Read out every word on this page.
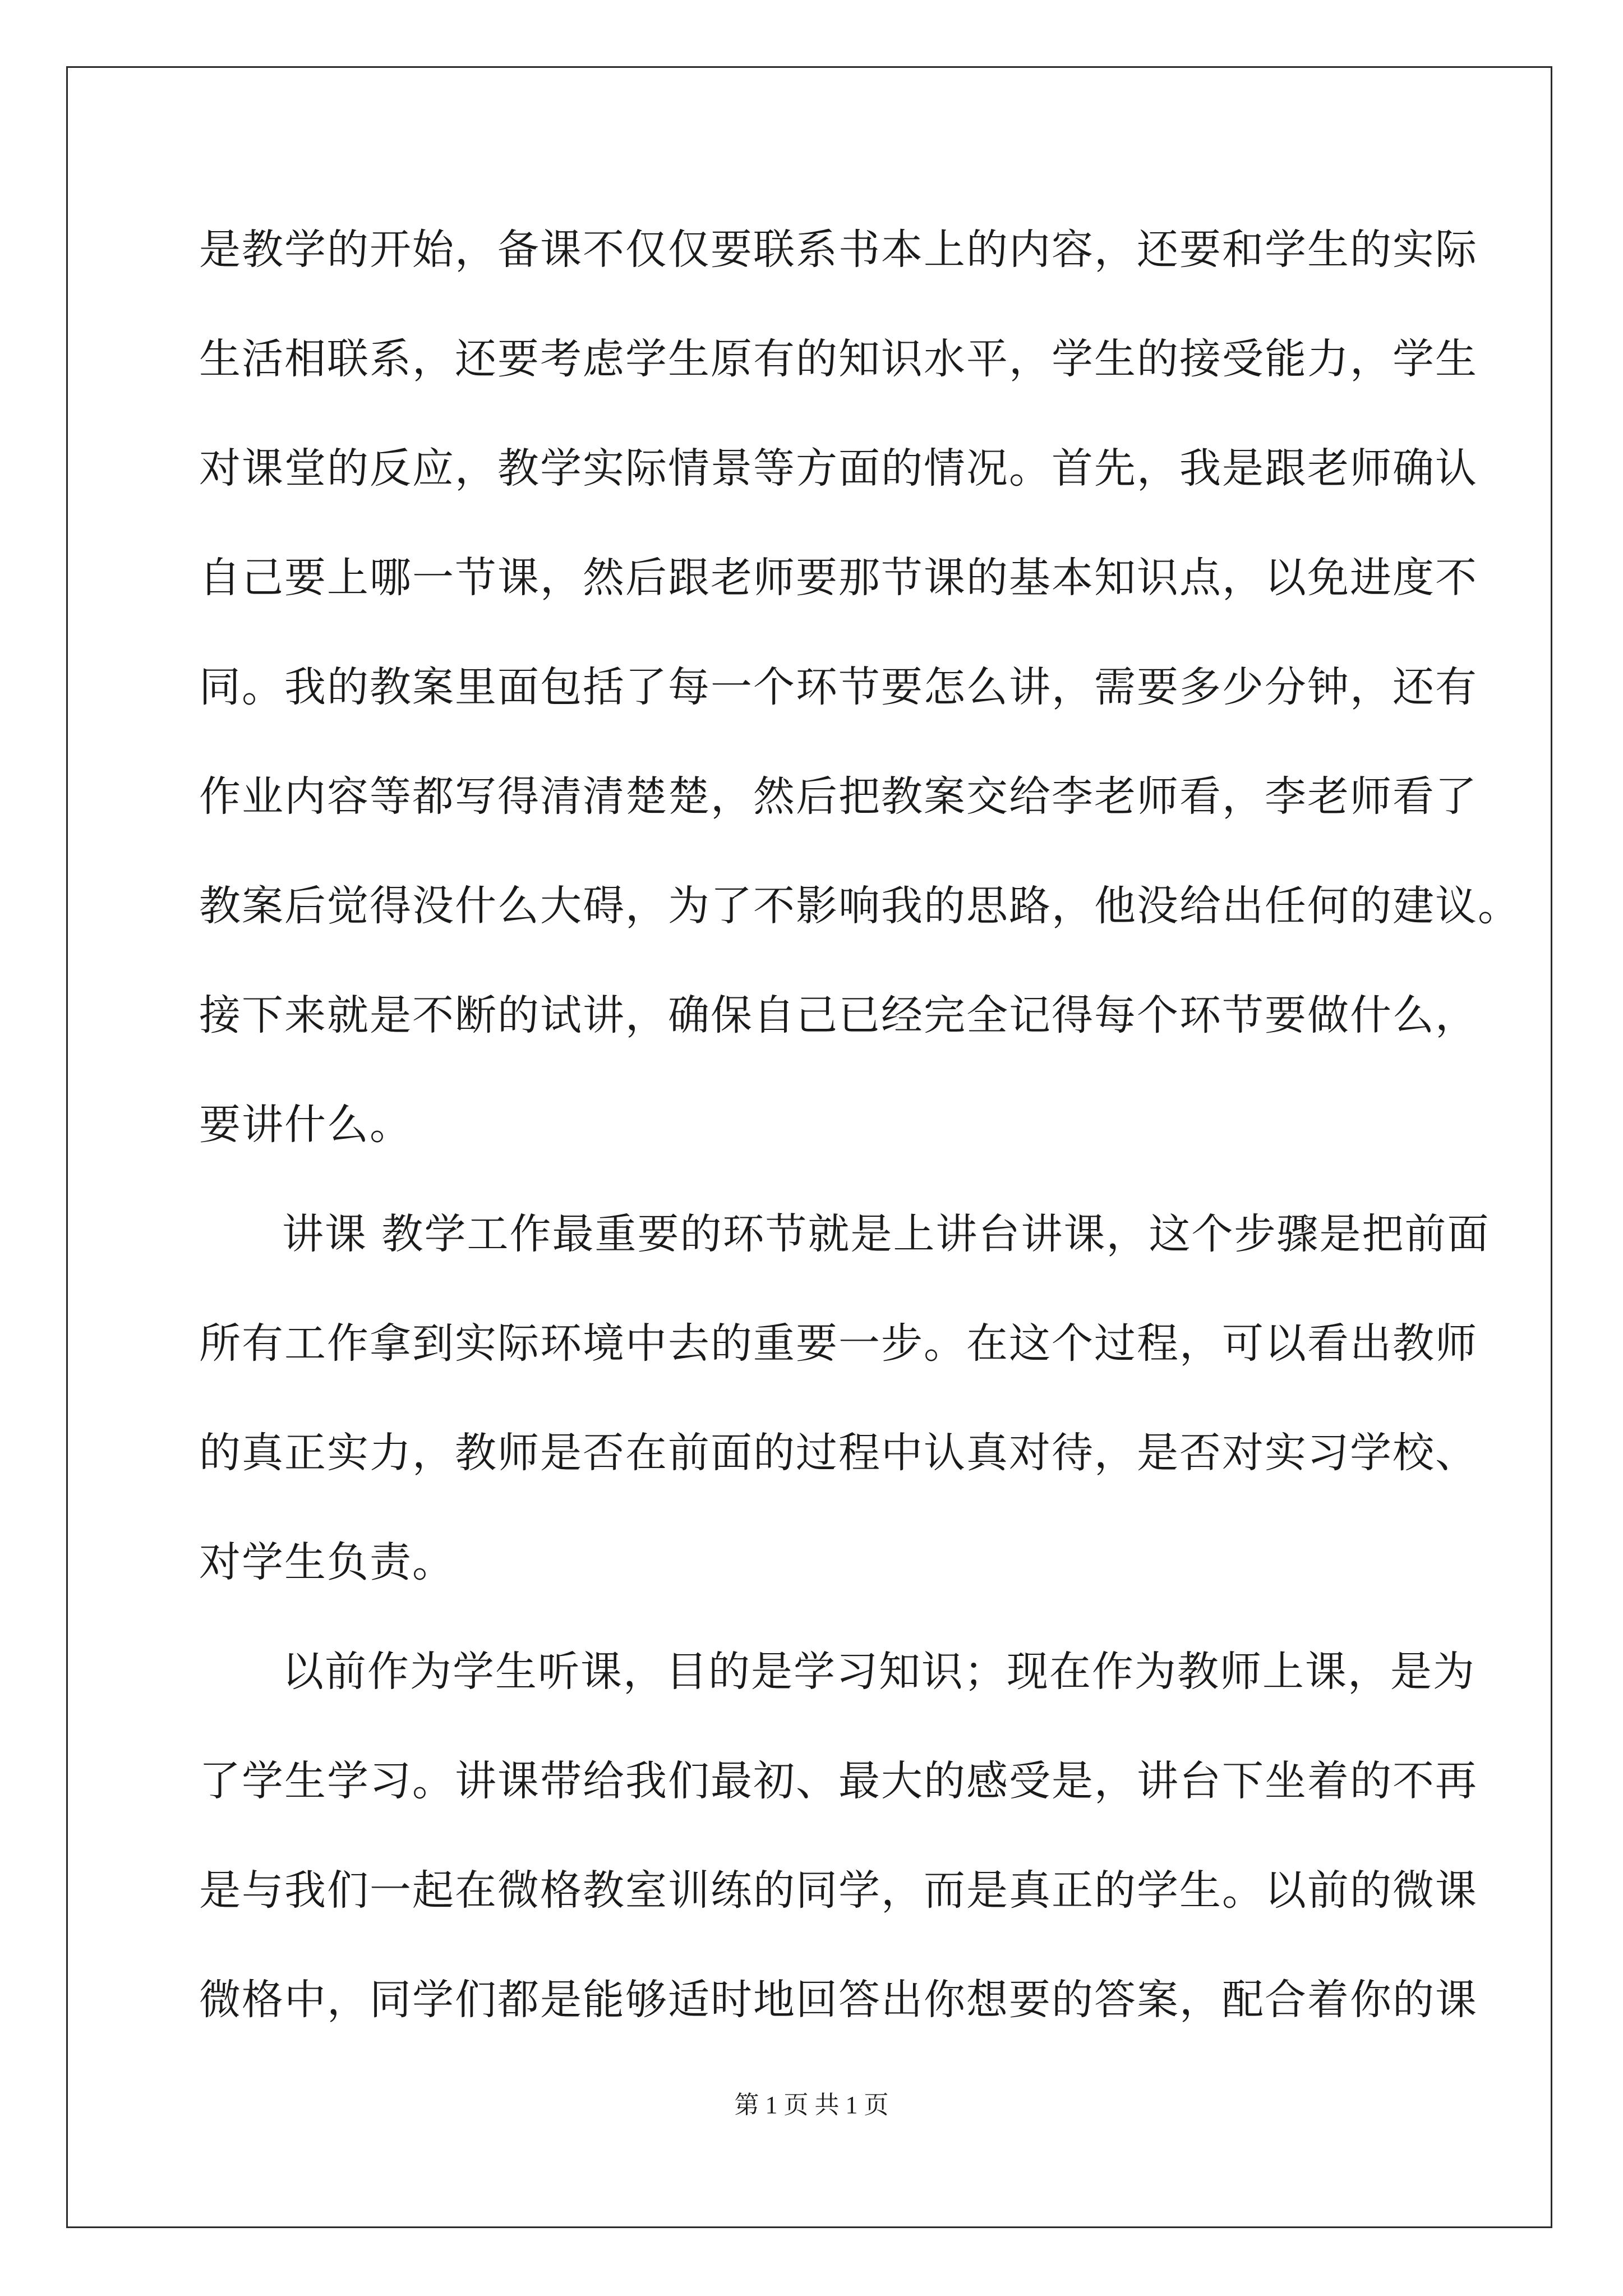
是教学的开始，备课不仅仅要联系书本上的内容，还要和学生的实际
生活相联系，还要考虑学生原有的知识水平，学生的接受能力，学生
对课堂的反应，教学实际情景等方面的情况。首先，我是跟老师确认
自己要上哪一节课，然后跟老师要那节课的基本知识点，以免进度不
同。我的教案里面包括了每一个环节要怎么讲，需要多少分钟，还有
作业内容等都写得清清楚楚，然后把教案交给李老师看，李老师看了
教案后觉得没什么大碍，为了不影响我的思路，他没给出任何的建议。
接下来就是不断的试讲，确保自己已经完全记得每个环节要做什么，
要讲什么。
讲课 教学工作最重要的环节就是上讲台讲课，这个步骤是把前面
所有工作拿到实际环境中去的重要一步。在这个过程，可以看出教师
的真正实力，教师是否在前面的过程中认真对待，是否对实习学校、
对学生负责。
以前作为学生听课，目的是学习知识；现在作为教师上课，是为
了学生学习。讲课带给我们最初、最大的感受是，讲台下坐着的不再
是与我们一起在微格教室训练的同学，而是真正的学生。以前的微课
微格中，同学们都是能够适时地回答出你想要的答案，配合着你的课
第 1 页 共 1 页
